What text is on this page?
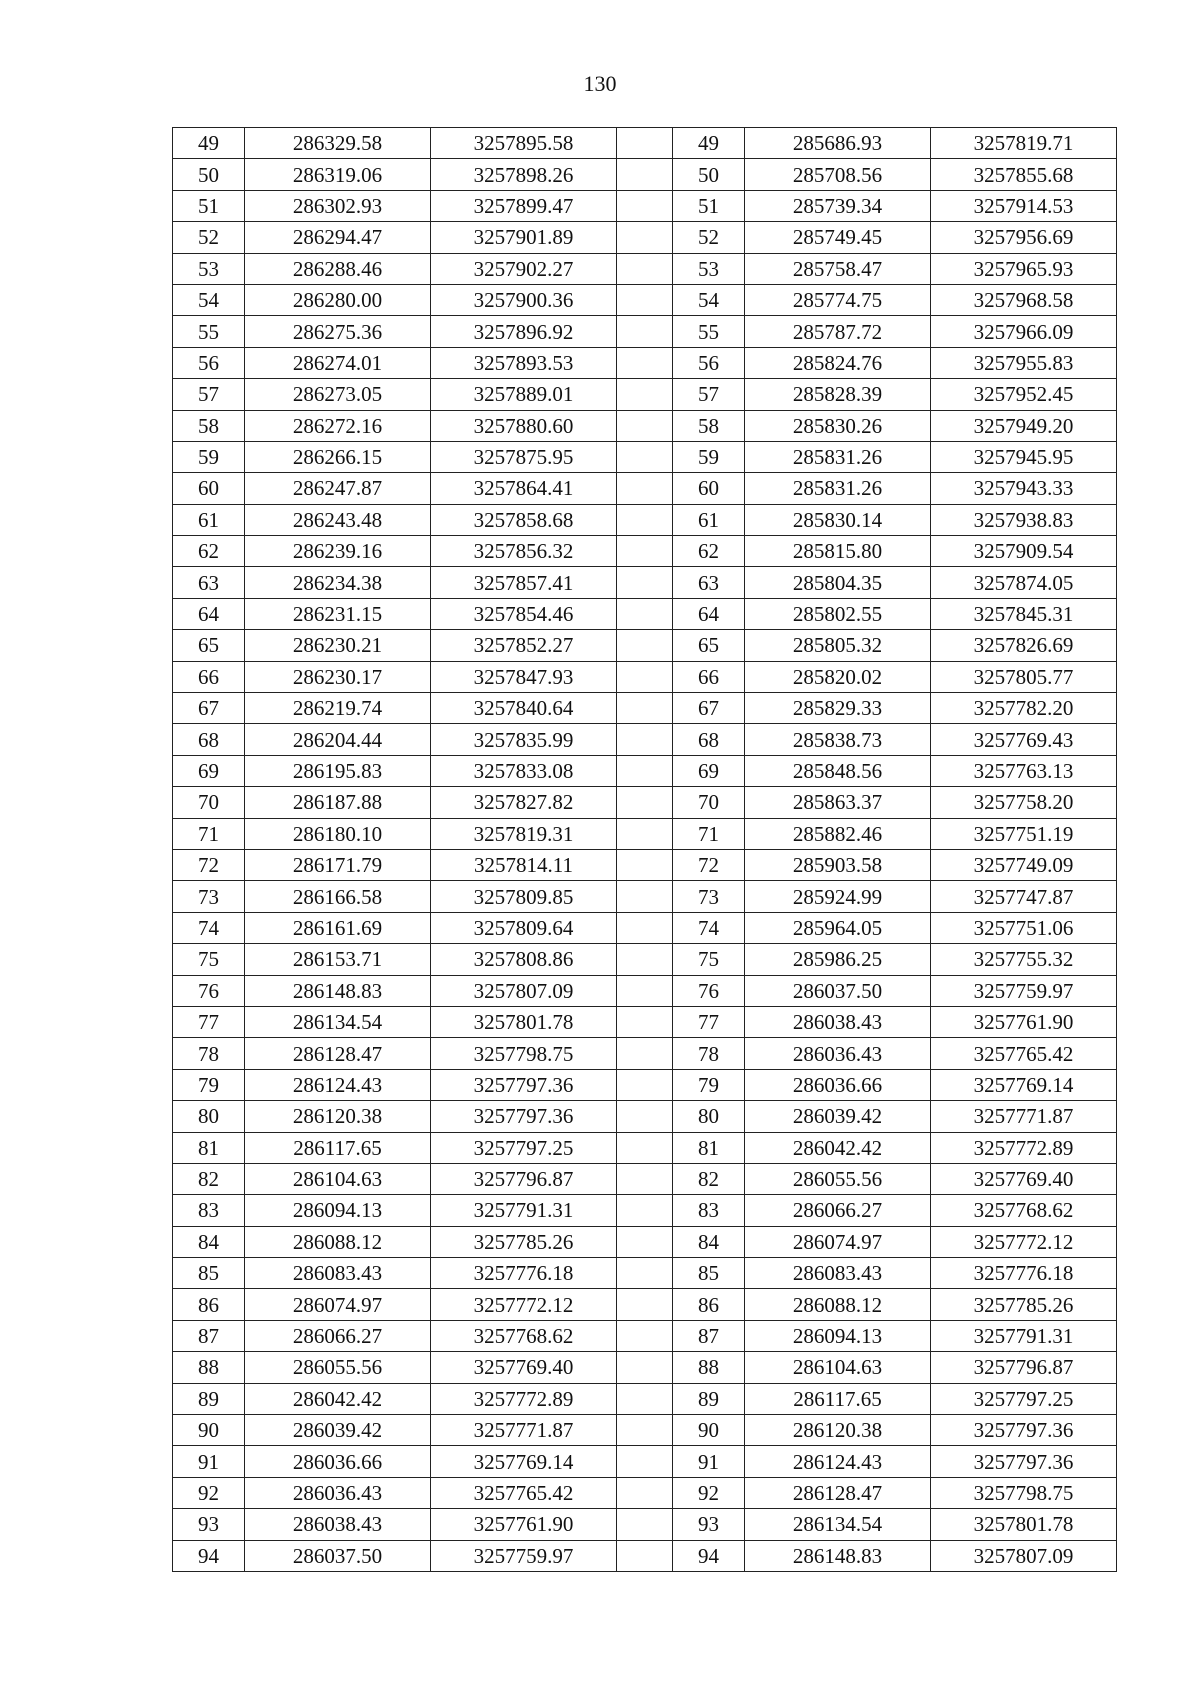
130
49	286329.58	3257895.58		49	285686.93	3257819.71
50	286319.06	3257898.26		50	285708.56	3257855.68
51	286302.93	3257899.47		51	285739.34	3257914.53
52	286294.47	3257901.89		52	285749.45	3257956.69
53	286288.46	3257902.27		53	285758.47	3257965.93
54	286280.00	3257900.36		54	285774.75	3257968.58
55	286275.36	3257896.92		55	285787.72	3257966.09
56	286274.01	3257893.53		56	285824.76	3257955.83
57	286273.05	3257889.01		57	285828.39	3257952.45
58	286272.16	3257880.60		58	285830.26	3257949.20
59	286266.15	3257875.95		59	285831.26	3257945.95
60	286247.87	3257864.41		60	285831.26	3257943.33
61	286243.48	3257858.68		61	285830.14	3257938.83
62	286239.16	3257856.32		62	285815.80	3257909.54
63	286234.38	3257857.41		63	285804.35	3257874.05
64	286231.15	3257854.46		64	285802.55	3257845.31
65	286230.21	3257852.27		65	285805.32	3257826.69
66	286230.17	3257847.93		66	285820.02	3257805.77
67	286219.74	3257840.64		67	285829.33	3257782.20
68	286204.44	3257835.99		68	285838.73	3257769.43
69	286195.83	3257833.08		69	285848.56	3257763.13
70	286187.88	3257827.82		70	285863.37	3257758.20
71	286180.10	3257819.31		71	285882.46	3257751.19
72	286171.79	3257814.11		72	285903.58	3257749.09
73	286166.58	3257809.85		73	285924.99	3257747.87
74	286161.69	3257809.64		74	285964.05	3257751.06
75	286153.71	3257808.86		75	285986.25	3257755.32
76	286148.83	3257807.09		76	286037.50	3257759.97
77	286134.54	3257801.78		77	286038.43	3257761.90
78	286128.47	3257798.75		78	286036.43	3257765.42
79	286124.43	3257797.36		79	286036.66	3257769.14
80	286120.38	3257797.36		80	286039.42	3257771.87
81	286117.65	3257797.25		81	286042.42	3257772.89
82	286104.63	3257796.87		82	286055.56	3257769.40
83	286094.13	3257791.31		83	286066.27	3257768.62
84	286088.12	3257785.26		84	286074.97	3257772.12
85	286083.43	3257776.18		85	286083.43	3257776.18
86	286074.97	3257772.12		86	286088.12	3257785.26
87	286066.27	3257768.62		87	286094.13	3257791.31
88	286055.56	3257769.40		88	286104.63	3257796.87
89	286042.42	3257772.89		89	286117.65	3257797.25
90	286039.42	3257771.87		90	286120.38	3257797.36
91	286036.66	3257769.14		91	286124.43	3257797.36
92	286036.43	3257765.42		92	286128.47	3257798.75
93	286038.43	3257761.90		93	286134.54	3257801.78
94	286037.50	3257759.97		94	286148.83	3257807.09
